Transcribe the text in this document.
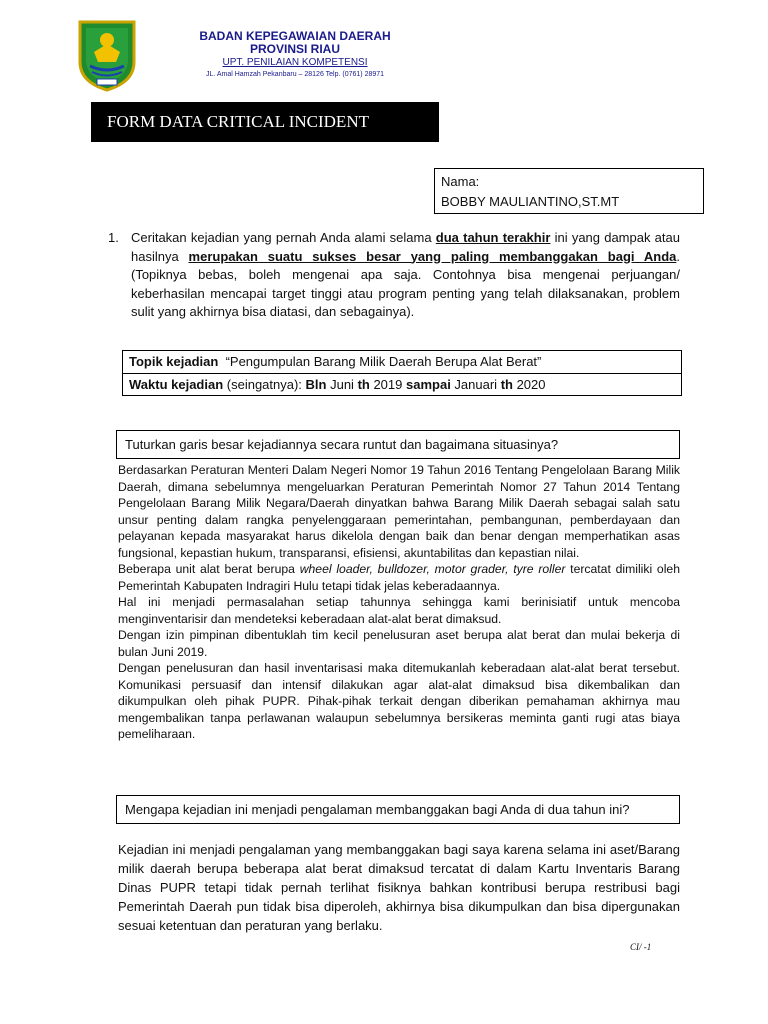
BADAN KEPEGAWAIAN DAERAH
PROVINSI RIAU
UPT. PENILAIAN KOMPETENSI
JL. Amal Hamzah Pekanbaru – 28126 Telp. (0761) 28971
FORM DATA CRITICAL INCIDENT
Nama:
BOBBY MAULIANTINO,ST.MT
1. Ceritakan kejadian yang pernah Anda alami selama dua tahun terakhir ini yang dampak atau hasilnya merupakan suatu sukses besar yang paling membanggakan bagi Anda. (Topiknya bebas, boleh mengenai apa saja. Contohnya bisa mengenai perjuangan/ keberhasilan mencapai target tinggi atau program penting yang telah dilaksanakan, problem sulit yang akhirnya bisa diatasi, dan sebagainya).
Topik kejadian “Pengumpulan Barang Milik Daerah Berupa Alat Berat”
Waktu kejadian (seingatnya): Bln Juni th 2019 sampai Januari th 2020
Tuturkan garis besar kejadiannya secara runtut dan bagaimana situasinya?

Berdasarkan Peraturan Menteri Dalam Negeri Nomor 19 Tahun 2016 Tentang Pengelolaan Barang Milik Daerah, dimana sebelumnya mengeluarkan Peraturan Pemerintah Nomor 27 Tahun 2014 Tentang Pengelolaan Barang Milik Negara/Daerah dinyatkan bahwa Barang Milik Daerah sebagai salah satu unsur penting dalam rangka penyelenggaraan pemerintahan, pembangunan, pemberdayaan dan pelayanan kepada masyarakat harus dikelola dengan baik dan benar dengan memperhatikan asas fungsional, kepastian hukum, transparansi, efisiensi, akuntabilitas dan kepastian nilai.

Beberapa unit alat berat berupa wheel loader, bulldozer, motor grader, tyre roller tercatat dimiliki oleh Pemerintah Kabupaten Indragiri Hulu tetapi tidak jelas keberadaannya.

Hal ini menjadi permasalahan setiap tahunnya sehingga kami berinisiatif untuk mencoba menginventarisir dan mendeteksi keberadaan alat-alat berat dimaksud.

Dengan izin pimpinan dibentuklah tim kecil penelusuran aset berupa alat berat dan mulai bekerja di bulan Juni 2019.

Dengan penelusuran dan hasil inventarisasi maka ditemukanlah keberadaan alat-alat berat tersebut. Komunikasi persuasif dan intensif dilakukan agar alat-alat dimaksud bisa dikembalikan dan dikumpulkan oleh pihak PUPR. Pihak-pihak terkait dengan diberikan pemahaman akhirnya mau mengembalikan tanpa perlawanan walaupun sebelumnya bersikeras meminta ganti rugi atas biaya pemeliharaan.

Mengapa kejadian ini menjadi pengalaman membanggakan bagi Anda di dua tahun ini?

Kejadian ini menjadi pengalaman yang membanggakan bagi saya karena selama ini aset/Barang milik daerah berupa beberapa alat berat dimaksud tercatat di dalam Kartu Inventaris Barang Dinas PUPR tetapi tidak pernah terlihat fisiknya bahkan kontribusi berupa restribusi bagi Pemerintah Daerah pun tidak bisa diperoleh, akhirnya bisa dikumpulkan dan bisa dipergunakan sesuai ketentuan dan peraturan yang berlaku.

CI/ -1
